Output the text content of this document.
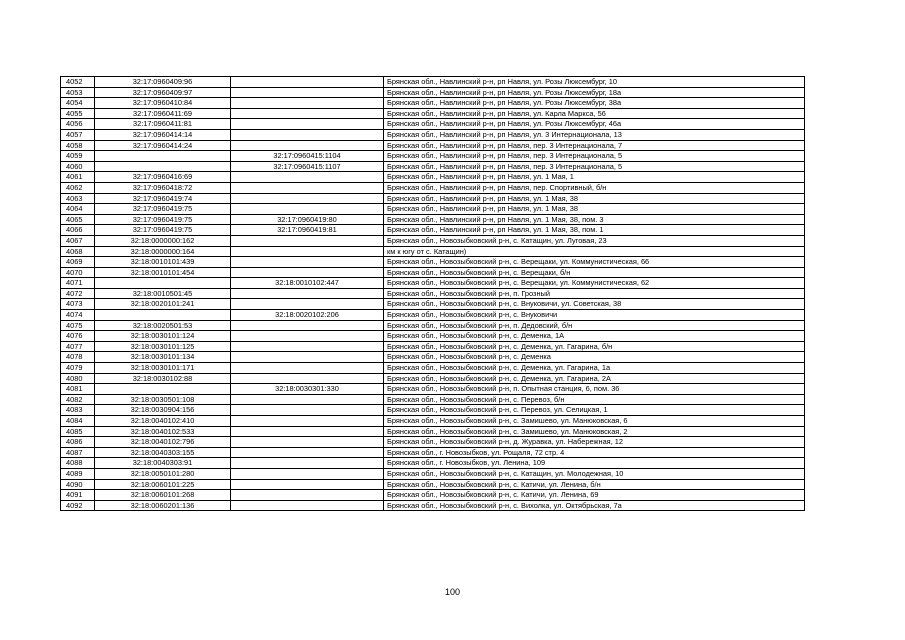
4052	32:17:0960409:96		Брянская обл., Навлинский р-н, рп Навля, ул. Розы Люксембург, 10
4053	32:17:0960409:97		Брянская обл., Навлинский р-н, рп Навля, ул. Розы Люксембург, 18а
4054	32:17:0960410:84		Брянская обл., Навлинский р-н, рп Навля, ул. Розы Люксембург, 38а
4055	32:17:0960411:69		Брянская обл., Навлинский р-н, рп Навля, ул. Карла Маркса, 56
4056	32:17:0960411:81		Брянская обл., Навлинский р-н, рп Навля, ул. Розы Люксембург, 46а
4057	32:17:0960414:14		Брянская обл., Навлинский р-н, рп Навля, ул. 3 Интернационала, 13
4058	32:17:0960414:24		Брянская обл., Навлинский р-н, рп Навля, пер. 3 Интернационала, 7
4059		32:17:0960415:1104	Брянская обл., Навлинский р-н, рп Навля, пер. 3 Интернационала, 5
4060		32:17:0960415:1107	Брянская обл., Навлинский р-н, рп Навля, пер. 3 Интернационала, 5
4061	32:17:0960416:69		Брянская обл., Навлинский р-н, рп Навля, ул. 1 Мая, 1
4062	32:17:0960418:72		Брянская обл., Навлинский р-н, рп Навля, пер. Спортивный, б/н
4063	32:17:0960419:74		Брянская обл., Навлинский р-н, рп Навля, ул. 1 Мая, 38
4064	32:17:0960419:75		Брянская обл., Навлинский р-н, рп Навля, ул. 1 Мая, 38
4065	32:17:0960419:75	32:17:0960419:80	Брянская обл., Навлинский р-н, рп Навля, ул. 1 Мая, 38, пом. 3
4066	32:17:0960419:75	32:17:0960419:81	Брянская обл., Навлинский р-н, рп Навля, ул. 1 Мая, 38, пом. 1
4067	32:18:0000000:162		Брянская обл., Новозыбковский р-н, с. Катащин, ул. Луговая, 23
4068	32:18:0000000:164		км к югу от с. Катащин)
4069	32:18:0010101:439		Брянская обл., Новозыбковский р-н, с. Верещаки, ул. Коммунистическая, 66
4070	32:18:0010101:454		Брянская обл., Новозыбковский р-н, с. Верещаки, б/н
4071		32:18:0010102:447	Брянская обл., Новозыбковский р-н, с. Верещаки, ул. Коммунистическая, 62
4072	32:18:0010501:45		Брянская обл., Новозыбковский р-н, п. Грозный
4073	32:18:0020101:241		Брянская обл., Новозыбковский р-н, с. Внуковичи, ул. Советская, 38
4074		32:18:0020102:206	Брянская обл., Новозыбковский р-н, с. Внуковичи
4075	32:18:0020501:53		Брянская обл., Новозыбковский р-н, п. Дедовский, б/н
4076	32:18:0030101:124		Брянская обл., Новозыбковский р-н, с. Деменка, 1А
4077	32:18:0030101:125		Брянская обл., Новозыбковский р-н, с. Деменка, ул. Гагарина, б/н
4078	32:18:0030101:134		Брянская обл., Новозыбковский р-н, с. Деменка
4079	32:18:0030101:171		Брянская обл., Новозыбковский р-н, с. Деменка, ул. Гагарина, 1а
4080	32:18:0030102:88		Брянская обл., Новозыбковский р-н, с. Деменка, ул. Гагарина, 2А
4081		32:18:0030301:330	Брянская обл., Новозыбковский р-н, п. Опытная станция, 6, пом. 36
4082	32:18:0030501:108		Брянская обл., Новозыбковский р-н, с. Перевоз, б/н
4083	32:18:0030904:156		Брянская обл., Новозыбковский р-н, с. Перевоз, ул. Селицкая, 1
4084	32:18:0040102:410		Брянская обл., Новозыбковский р-н, с. Замишево, ул. Манюковская, 6
4085	32:18:0040102:533		Брянская обл., Новозыбковский р-н, с. Замишево, ул. Манюковская, 2
4086	32:18:0040102:796		Брянская обл., Новозыбковский р-н, д. Журавка, ул. Набережная, 12
4087	32:18:0040303:155		Брянская обл., г. Новозыбков, ул. Рощаля, 72 стр. 4
4088	32:18:0040303:91		Брянская обл., г. Новозыбков, ул. Ленина, 109
4089	32:18:0050101:280		Брянская обл., Новозыбковский р-н, с. Катащин, ул. Молодежная, 10
4090	32:18:0060101:225		Брянская обл., Новозыбковский р-н, с. Катичи, ул. Ленина, б/н
4091	32:18:0060101:268		Брянская обл., Новозыбковский р-н, с. Катичи, ул. Ленина, 69
4092	32:18:0060201:136		Брянская обл., Новозыбковский р-н, с. Вихолка, ул. Октябрьская, 7а
100
